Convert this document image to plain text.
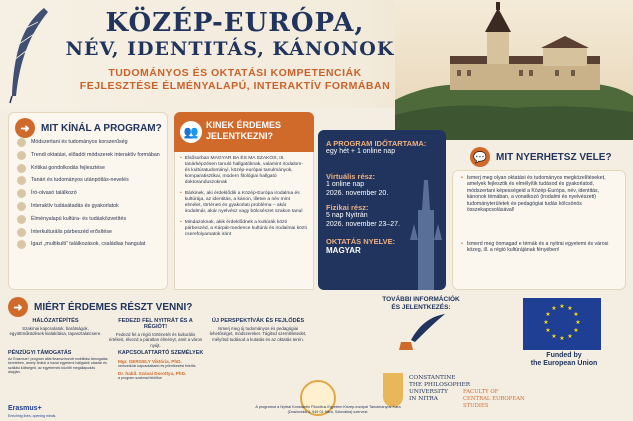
KÖZÉP-EURÓPA,
NÉV, IDENTITÁS, KÁNONOK
TUDOMÁNYOS ÉS OKTATÁSI KOMPETENCIÁK
FEJLESZTÉSE ÉLMÉNYALAPÚ, INTERAKTÍV FORMÁBAN
➜	MIT KÍNÁL A PROGRAM?
Módszertani és tudományos korszerűség
Trendi oktatási, előadói módszerek interaktív formában
Kritikai gondolkodás fejlesztése
Tanári és tudományos utánpótlás-nevelés
Író-olvasó találkozó
Interaktív tudásátadás és gyakorlatok
Élményalapú kultúra- és tudásközvetítés
Interkulturális párbeszéd erősítése
Igazi „multikulti” találkozások, családias hangulat
👥 KINEK ÉRDEMES JELENTKEZNI?

• Elsősorban MAGYAR BA ÉS MA SZAKOS, III. tanárképzésen tanuló hallgatóknak, valamint irodalom- és kultúratudományi, közép-európai tanulmányok, komparatisztikai, modern filológiai hallgató doktoranduszoknak

• Bárkinek, aki érdeklődik a Közép-Európa irodalma és kultúrája, az identitás, a kánon, illetve a név mint elmélet, történeti és gyakorlati probléma – akár irodalmár, akár nyelvész vagy bölcsészet szakon tanul

• Mindazoknak, akik érdeklődnek a kultúrák közti párbeszéd, a Kárpát-medence kultúrái és irodalmai közti cserefolyamatok iránt

A PROGRAM IDŐTARTAMA:
egy hét + 1 online nap
Virtuális rész:
1 online nap
2026. november 20.
Fizikai rész:
5 nap Nyitrán
2026. november 23–27.
OKTATÁS NYELVE:
MAGYAR
💬 MIT NYERHETSZ VELE?

• Ismerj meg olyan oktatási és tudományos megközelítéseket, amelyek fejlesztik és elmélyítik tudásod és gyakorlatod, módszertani képességeid a Közép-Európa, név, identitás, kánonok témában, a vonatkozó (irodalmi és nyelvészeti) tudományterületek és pedagógiai tudás kölcsönös összekapcsolásával!

• Ismerd meg önmagad e témák és a nyitrai egyetemi és városi közeg, ill. a régió kultúrájának fényében!

➜	MIÉRT ÉRDEMES RÉSZT VENNI?
HÁLÓZATÉPÍTÉS
Szakmai kapcsolatok, barátságok, együttműködések kialakítása, tapasztalatcsere.
FEDEZD FEL NYITRÁT ÉS A RÉGIÓT!
Fedezd fel a régió történetét és kulturális értékeit, élvezd a páratlan élményt, amit a város nyújt.
ÚJ PERSPEKTÍVÁK ÉS FEJLŐDÉS
Ismerj meg új tudományos és pedagógiai lehetőséget, módszereket. Tágítsd szemléletedet, mélyítsd tudásod a kutatás és az oktatás terén.
TOVÁBBI INFORMÁCIÓK
ÉS JELENTKEZÉS:	★ ★
★
★
★
★
★
★
★
★
★
★
Funded by
the European Union
PÉNZÜGYI TÁMOGATÁS
Az Erasmus+ program által finanszírozott mobilitási támogatás keretében, amely fedezi a hazai egyetemi hallgatók utazási és szállási költségeit, az egyetemek közötti megállapodás alapján.
Erasmus+
Enriching lives, opening minds.
KAPCSOLATTARTÓ SZEMÉLYEK
Mgr. GERGELY Viktória, PhD.
nemzetközi kapcsolattartó és jelentkezési felelős
Dr. habil. Szávai Dorottya, PhD.
a program szakmai felelőse	CONSTANTINE
THE PHILOSOPHER
UNIVERSITY
IN NITRA
FACULTY OF
CENTRAL EUROPEAN STUDIES
A programot a Nyitrai Konstantin Filozófus Egyetem Közép-európai Tanulmányok Kara
(Dražovská 4, 949 01 Nitra, Szlovákia) szervezi.
